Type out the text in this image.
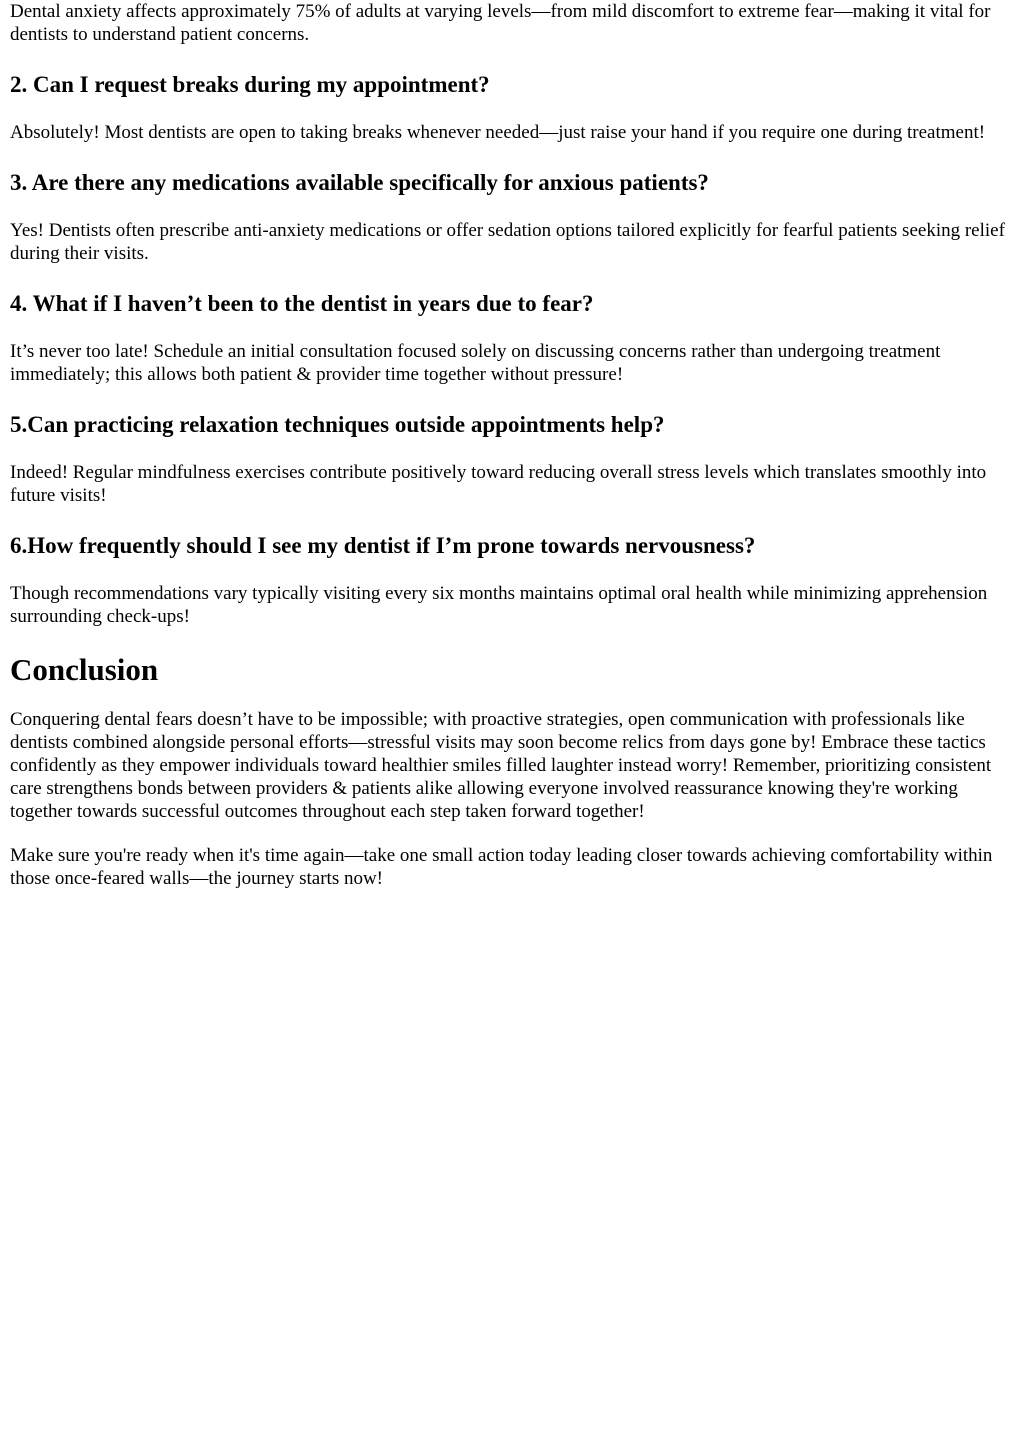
Dental anxiety affects approximately 75% of adults at varying levels—from mild discomfort to extreme fear—making it vital for dentists to understand patient concerns.

2. Can I request breaks during my appointment?

Absolutely! Most dentists are open to taking breaks whenever needed—just raise your hand if you require one during treatment!

3. Are there any medications available specifically for anxious patients?

Yes! Dentists often prescribe anti-anxiety medications or offer sedation options tailored explicitly for fearful patients seeking relief during their visits.

4. What if I haven’t been to the dentist in years due to fear?

It’s never too late! Schedule an initial consultation focused solely on discussing concerns rather than undergoing treatment immediately; this allows both patient & provider time together without pressure!

5.Can practicing relaxation techniques outside appointments help?

Indeed! Regular mindfulness exercises contribute positively toward reducing overall stress levels which translates smoothly into future visits!

6.How frequently should I see my dentist if I’m prone towards nervousness?

Though recommendations vary typically visiting every six months maintains optimal oral health while minimizing apprehension surrounding check-ups!

Conclusion

Conquering dental fears doesn’t have to be impossible; with proactive strategies, open communication with professionals like dentists combined alongside personal efforts—stressful visits may soon become relics from days gone by! Embrace these tactics confidently as they empower individuals toward healthier smiles filled laughter instead worry! Remember, prioritizing consistent care strengthens bonds between providers & patients alike allowing everyone involved reassurance knowing they're working together towards successful outcomes throughout each step taken forward together!

Make sure you're ready when it's time again—take one small action today leading closer towards achieving comfortability within those once-feared walls—the journey starts now!
